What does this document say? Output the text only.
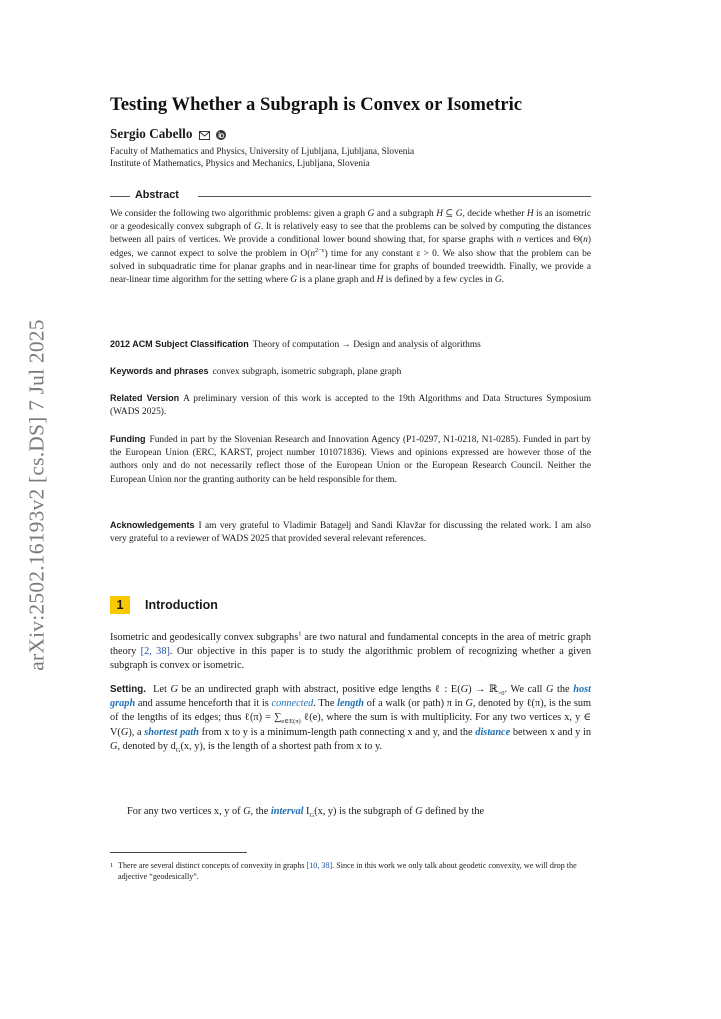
arXiv:2502.16193v2 [cs.DS] 7 Jul 2025
Testing Whether a Subgraph is Convex or Isometric
Sergio Cabello
Faculty of Mathematics and Physics, University of Ljubljana, Ljubljana, Slovenia
Institute of Mathematics, Physics and Mechanics, Ljubljana, Slovenia
Abstract
We consider the following two algorithmic problems: given a graph G and a subgraph H ⊆ G, decide whether H is an isometric or a geodesically convex subgraph of G. It is relatively easy to see that the problems can be solved by computing the distances between all pairs of vertices. We provide a conditional lower bound showing that, for sparse graphs with n vertices and Θ(n) edges, we cannot expect to solve the problem in $O(n^{2-\varepsilon})$ time for any constant ε > 0. We also show that the problem can be solved in subquadratic time for planar graphs and in near-linear time for graphs of bounded treewidth. Finally, we provide a near-linear time algorithm for the setting where G is a plane graph and H is defined by a few cycles in G.
2012 ACM Subject Classification Theory of computation → Design and analysis of algorithms
Keywords and phrases convex subgraph, isometric subgraph, plane graph
Related Version A preliminary version of this work is accepted to the 19th Algorithms and Data Structures Symposium (WADS 2025).
Funding Funded in part by the Slovenian Research and Innovation Agency (P1-0297, N1-0218, N1-0285). Funded in part by the European Union (ERC, KARST, project number 101071836). Views and opinions expressed are however those of the authors only and do not necessarily reflect those of the European Union or the European Research Council. Neither the European Union nor the granting authority can be held responsible for them.
Acknowledgements I am very grateful to Vladimir Batagelj and Sandi Klavžar for discussing the related work. I am also very grateful to a reviewer of WADS 2025 that provided several relevant references.
1	Introduction
Isometric and geodesically convex subgraphs$^1$ are two natural and fundamental concepts in the area of metric graph theory [2, 38]. Our objective in this paper is to study the algorithmic problem of recognizing whether a given subgraph is convex or isometric.
Setting. Let G be an undirected graph with abstract, positive edge lengths ℓ : E(G) → ℝ$_{>0}$. We call G the host graph and assume henceforth that it is connected. The length of a walk (or path) π in G, denoted by ℓ(π), is the sum of the lengths of its edges; thus ℓ(π) = $\sum_{e\in E(\pi)}$ ℓ(e), where the sum is with multiplicity. For any two vertices x, y ∈ V(G), a shortest path from x to y is a minimum-length path connecting x and y, and the distance between x and y in G, denoted by $d_G(x$, y), is the length of a shortest path from x to y.
For any two vertices x, y of G, the interval $I_G(x$, y) is the subgraph of G defined by the
1 There are several distinct concepts of convexity in graphs [10, 38]. Since in this work we only talk about geodetic convexity, we will drop the adjective “geodesically”.
